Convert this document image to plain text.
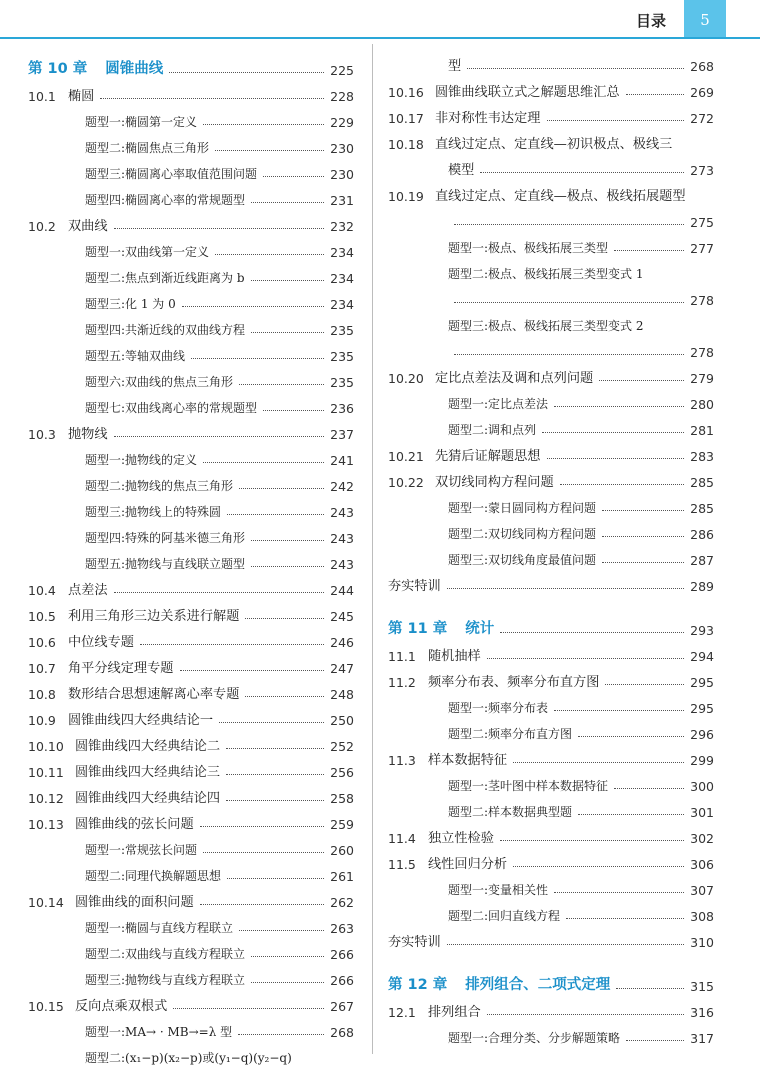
目录	5
第 10 章 圆锥曲线	225
10.1 椭圆	228
题型一:椭圆第一定义	229
题型二:椭圆焦点三角形	230
题型三:椭圆离心率取值范围问题	230
题型四:椭圆离心率的常规题型	231
10.2 双曲线	232
题型一:双曲线第一定义	234
题型二:焦点到渐近线距离为 b	234
题型三:化 1 为 0	234
题型四:共渐近线的双曲线方程	235
题型五:等轴双曲线	235
题型六:双曲线的焦点三角形	235
题型七:双曲线离心率的常规题型	236
10.3 抛物线	237
题型一:抛物线的定义	241
题型二:抛物线的焦点三角形	242
题型三:抛物线上的特殊圆	243
题型四:特殊的阿基米德三角形	243
题型五:抛物线与直线联立题型	243
10.4 点差法	244
10.5 利用三角形三边关系进行解题	245
10.6 中位线专题	246
10.7 角平分线定理专题	247
10.8 数形结合思想速解离心率专题	248
10.9 圆锥曲线四大经典结论一	250
10.10 圆锥曲线四大经典结论二	252
10.11 圆锥曲线四大经典结论三	256
10.12 圆锥曲线四大经典结论四	258
10.13 圆锥曲线的弦长问题	259
题型一:常规弦长问题	260
题型二:同理代换解题思想	261
10.14 圆锥曲线的面积问题	262
题型一:椭圆与直线方程联立	263
题型二:双曲线与直线方程联立	266
题型三:抛物线与直线方程联立	266
10.15 反向点乘双根式	267
题型一:MA→ · MB→=λ 型	268
题型二:(x₁−p)(x₂−p)或(y₁−q)(y₂−q)
型	268
10.16 圆锥曲线联立式之解题思维汇总	269
10.17 非对称性韦达定理	272
10.18 直线过定点、定直线—初识极点、极线三
模型	273
10.19 直线过定点、定直线—极点、极线拓展题型
275
题型一:极点、极线拓展三类型	277
题型二:极点、极线拓展三类型变式 1
278
题型三:极点、极线拓展三类型变式 2
278
10.20 定比点差法及调和点列问题	279
题型一:定比点差法	280
题型二:调和点列	281
10.21 先猜后证解题思想	283
10.22 双切线同构方程问题	285
题型一:蒙日圆同构方程问题	285
题型二:双切线同构方程问题	286
题型三:双切线角度最值问题	287
夯实特训	289
第 11 章 统计	293
11.1 随机抽样	294
11.2 频率分布表、频率分布直方图	295
题型一:频率分布表	295
题型二:频率分布直方图	296
11.3 样本数据特征	299
题型一:茎叶图中样本数据特征	300
题型二:样本数据典型题	301
11.4 独立性检验	302
11.5 线性回归分析	306
题型一:变量相关性	307
题型二:回归直线方程	308
夯实特训	310
第 12 章 排列组合、二项式定理	315
12.1 排列组合	316
题型一:合理分类、分步解题策略	317
